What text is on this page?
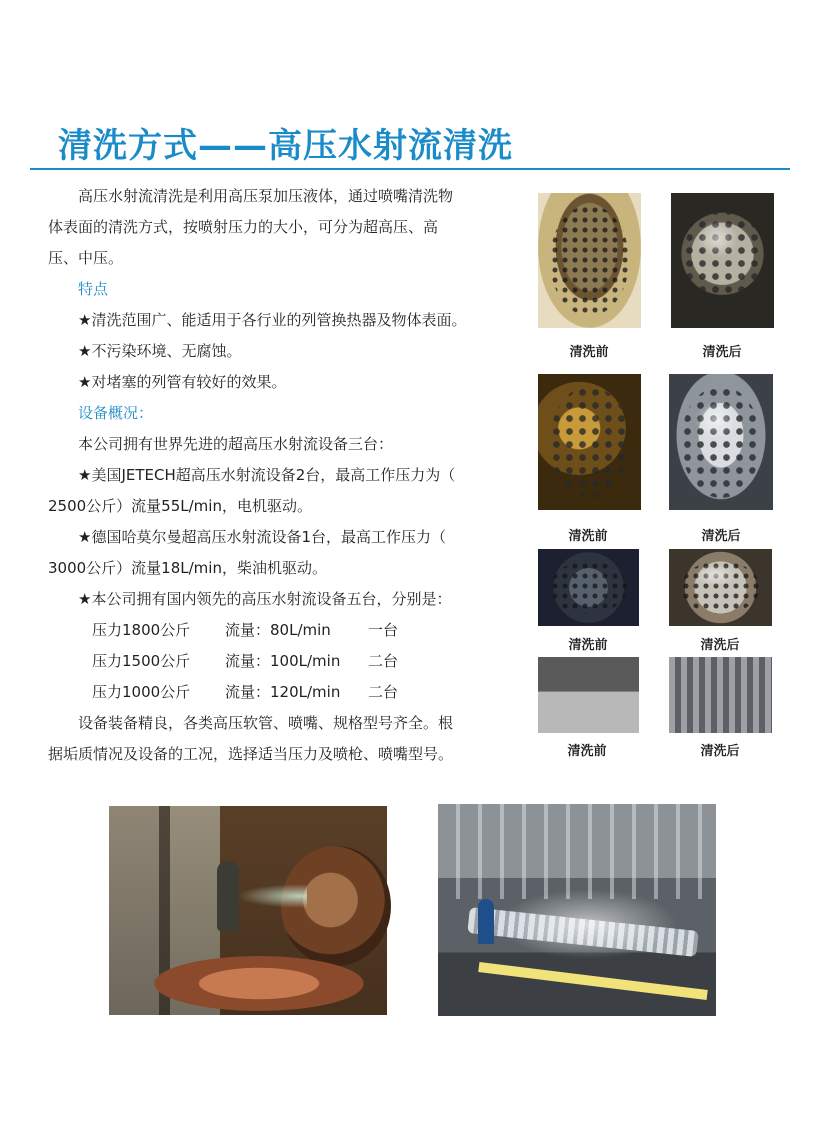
清洗方式——高压水射流清洗
高压水射流清洗是利用高压泵加压液体，通过喷嘴清洗物
体表面的清洗方式，按喷射压力的大小，可分为超高压、高
压、中压。
特点
★清洗范围广、能适用于各行业的列管换热器及物体表面。
★不污染环境、无腐蚀。
★对堵塞的列管有较好的效果。
设备概况：
本公司拥有世界先进的超高压水射流设备三台：
★美国JETECH超高压水射流设备2台，最高工作压力为（
2500公斤）流量55L/min，电机驱动。
★德国哈莫尔曼超高压水射流设备1台，最高工作压力（
3000公斤）流量18L/min，柴油机驱动。
★本公司拥有国内领先的高压水射流设备五台，分别是：
压力1800公斤 流量：80L/min 一台
压力1500公斤 流量：100L/min 二台
压力1000公斤 流量：120L/min 二台
设备装备精良，各类高压软管、喷嘴、规格型号齐全。根
据垢质情况及设备的工况，选择适当压力及喷枪、喷嘴型号。
清洗前	清洗后
清洗前	清洗后
清洗前	清洗后
清洗前	清洗后
